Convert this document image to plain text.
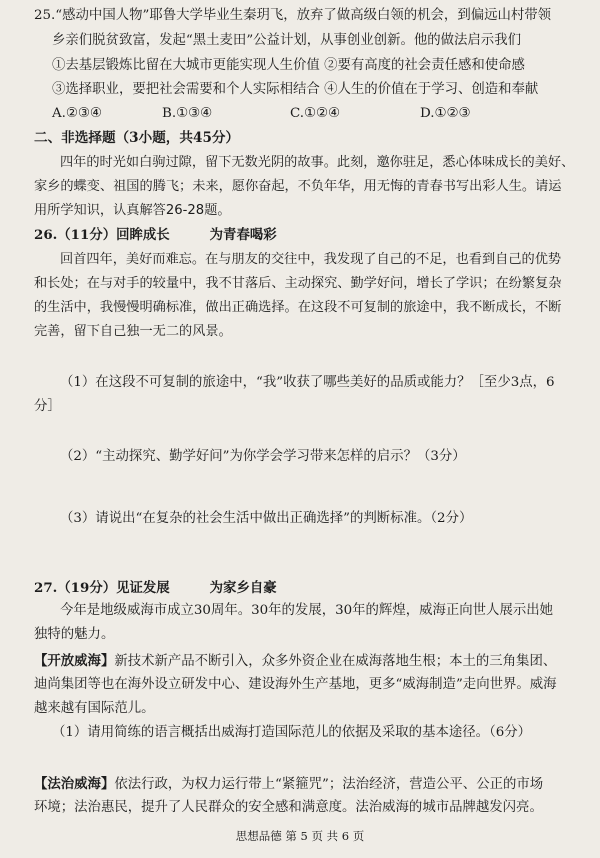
25.“感动中国人物”耶鲁大学毕业生秦玥飞，放弃了做高级白领的机会，到偏远山村带领
乡亲们脱贫致富，发起“黑土麦田”公益计划，从事创业创新。他的做法启示我们
①去基层锻炼比留在大城市更能实现人生价值 ②要有高度的社会责任感和使命感
③选择职业，要把社会需要和个人实际相结合 ④人生的价值在于学习、创造和奉献
A.②③④	B.①③④	C.①②④	D.①②③
二、非选择题（3小题，共45分）
四年的时光如白驹过隙，留下无数光阴的故事。此刻，邀你驻足，悉心体味成长的美好、
家乡的蝶变、祖国的腾飞；未来，愿你奋起，不负年华，用无悔的青春书写出彩人生。请运
用所学知识，认真解答26-28题。
26.（11分）回眸成长	为青春喝彩
回首四年，美好而难忘。在与朋友的交往中，我发现了自己的不足，也看到自己的优势
和长处；在与对手的较量中，我不甘落后、主动探究、勤学好问，增长了学识；在纷繁复杂
的生活中，我慢慢明确标准，做出正确选择。在这段不可复制的旅途中，我不断成长，不断
完善，留下自己独一无二的风景。
（1）在这段不可复制的旅途中，“我”收获了哪些美好的品质或能力？［至少3点，6
分］
（2）“主动探究、勤学好问”为你学会学习带来怎样的启示？（3分）
（3）请说出“在复杂的社会生活中做出正确选择”的判断标准。（2分）
27.（19分）见证发展	为家乡自豪
今年是地级威海市成立30周年。30年的发展，30年的辉煌，威海正向世人展示出她
独特的魅力。
【开放威海】新技术新产品不断引入，众多外资企业在威海落地生根；本土的三角集团、
迪尚集团等也在海外设立研发中心、建设海外生产基地，更多“威海制造”走向世界。威海
越来越有国际范儿。
（1）请用简练的语言概括出威海打造国际范儿的依据及采取的基本途径。（6分）
【法治威海】依法行政，为权力运行带上“紧箍咒”；法治经济，营造公平、公正的市场
环境；法治惠民，提升了人民群众的安全感和满意度。法治威海的城市品牌越发闪亮。
思想品德 第 5 页 共 6 页
